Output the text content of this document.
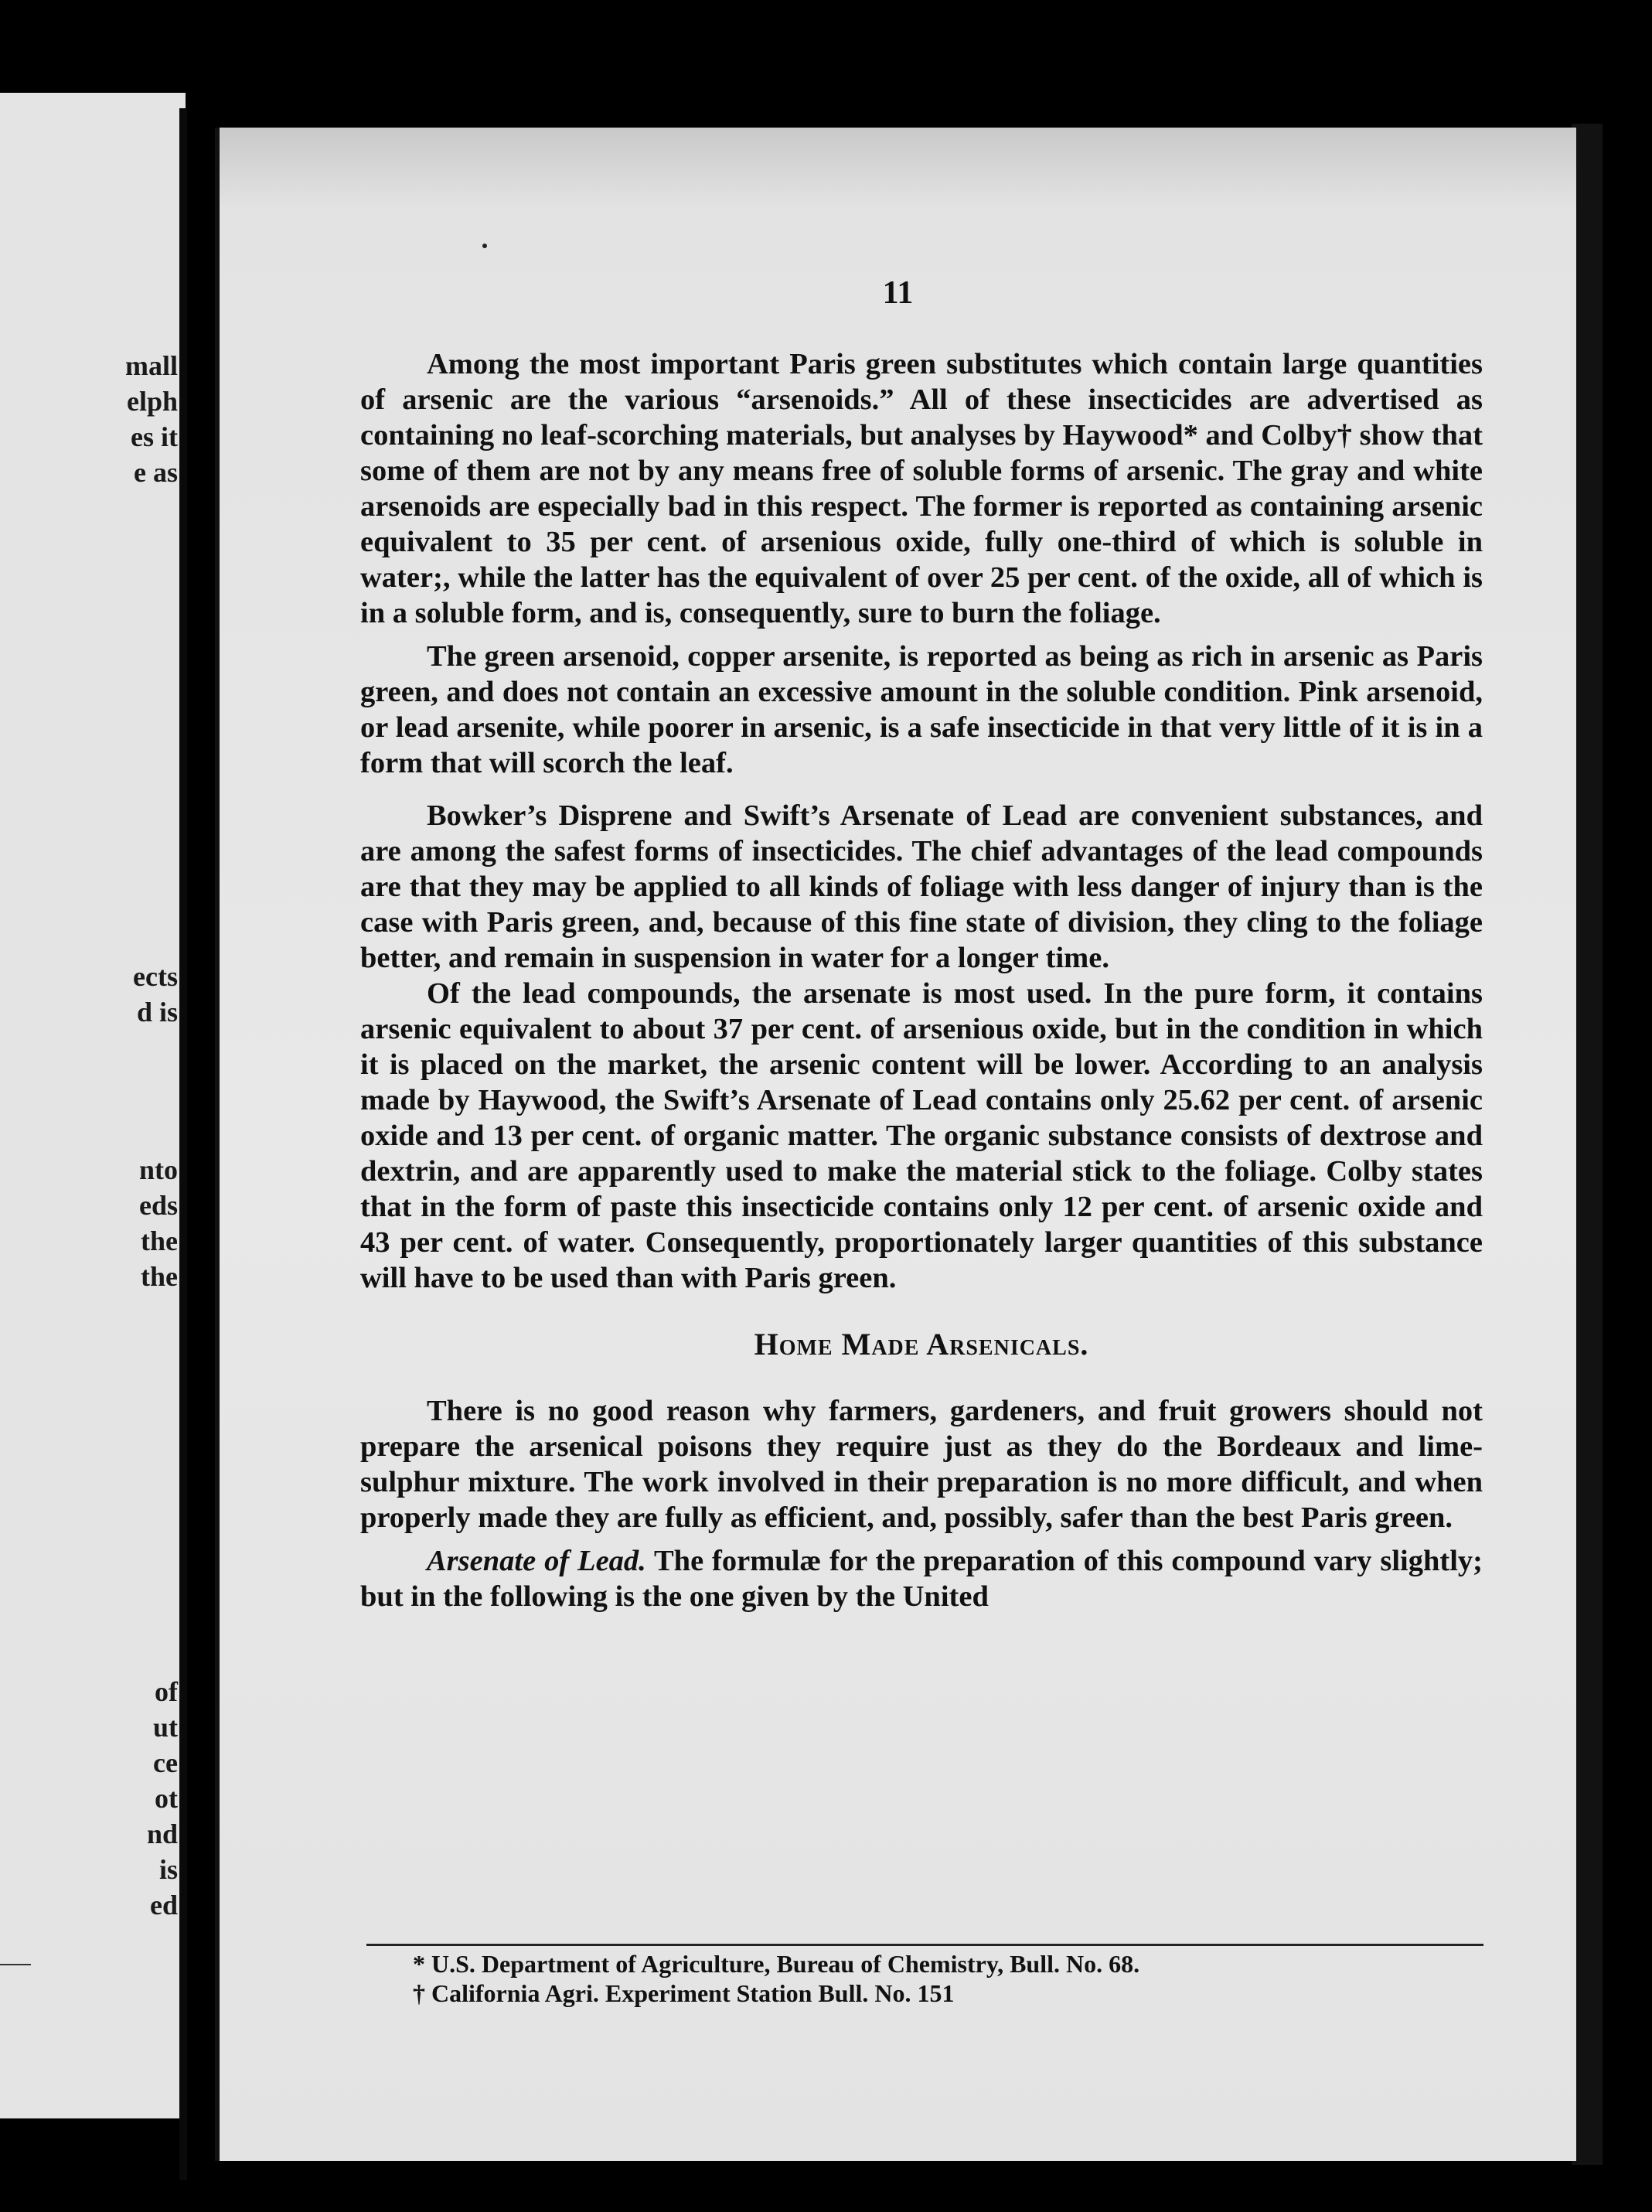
mall
elph
es it
e as
ects
d is
nto
eds
the
the
of
ut
ce
ot
nd
is
ed
11

Among the most important Paris green substitutes which contain large quantities of arsenic are the various “arsenoids.” All of these insecticides are advertised as containing no leaf-scorching materials, but analyses by Haywood* and Colby† show that some of them are not by any means free of soluble forms of arsenic. The gray and white arsenoids are especially bad in this respect. The former is reported as containing arsenic equivalent to 35 per cent. of arsenious oxide, fully one-third of which is soluble in water;, while the latter has the equivalent of over 25 per cent. of the oxide, all of which is in a soluble form, and is, consequently, sure to burn the foliage.

The green arsenoid, copper arsenite, is reported as being as rich in arsenic as Paris green, and does not contain an excessive amount in the soluble condition. Pink arsenoid, or lead arsenite, while poorer in arsenic, is a safe insecticide in that very little of it is in a form that will scorch the leaf.

Bowker’s Disprene and Swift’s Arsenate of Lead are convenient substances, and are among the safest forms of insecticides. The chief advantages of the lead compounds are that they may be applied to all kinds of foliage with less danger of injury than is the case with Paris green, and, because of this fine state of division, they cling to the foliage better, and remain in suspension in water for a longer time.

Of the lead compounds, the arsenate is most used. In the pure form, it contains arsenic equivalent to about 37 per cent. of arsenious oxide, but in the condition in which it is placed on the market, the arsenic content will be lower. According to an analysis made by Haywood, the Swift’s Arsenate of Lead contains only 25.62 per cent. of arsenic oxide and 13 per cent. of organic matter. The organic substance consists of dextrose and dextrin, and are apparently used to make the material stick to the foliage. Colby states that in the form of paste this insecticide contains only 12 per cent. of arsenic oxide and 43 per cent. of water. Consequently, proportionately larger quantities of this substance will have to be used than with Paris green.

Home Made Arsenicals.

There is no good reason why farmers, gardeners, and fruit growers should not prepare the arsenical poisons they require just as they do the Bordeaux and lime-sulphur mixture. The work involved in their preparation is no more difficult, and when properly made they are fully as efficient, and, possibly, safer than the best Paris green.

Arsenate of Lead. The formulæ for the preparation of this compound vary slightly; but in the following is the one given by the United

* U.S. Department of Agriculture, Bureau of Chemistry, Bull. No. 68.
† California Agri. Experiment Station Bull. No. 151
